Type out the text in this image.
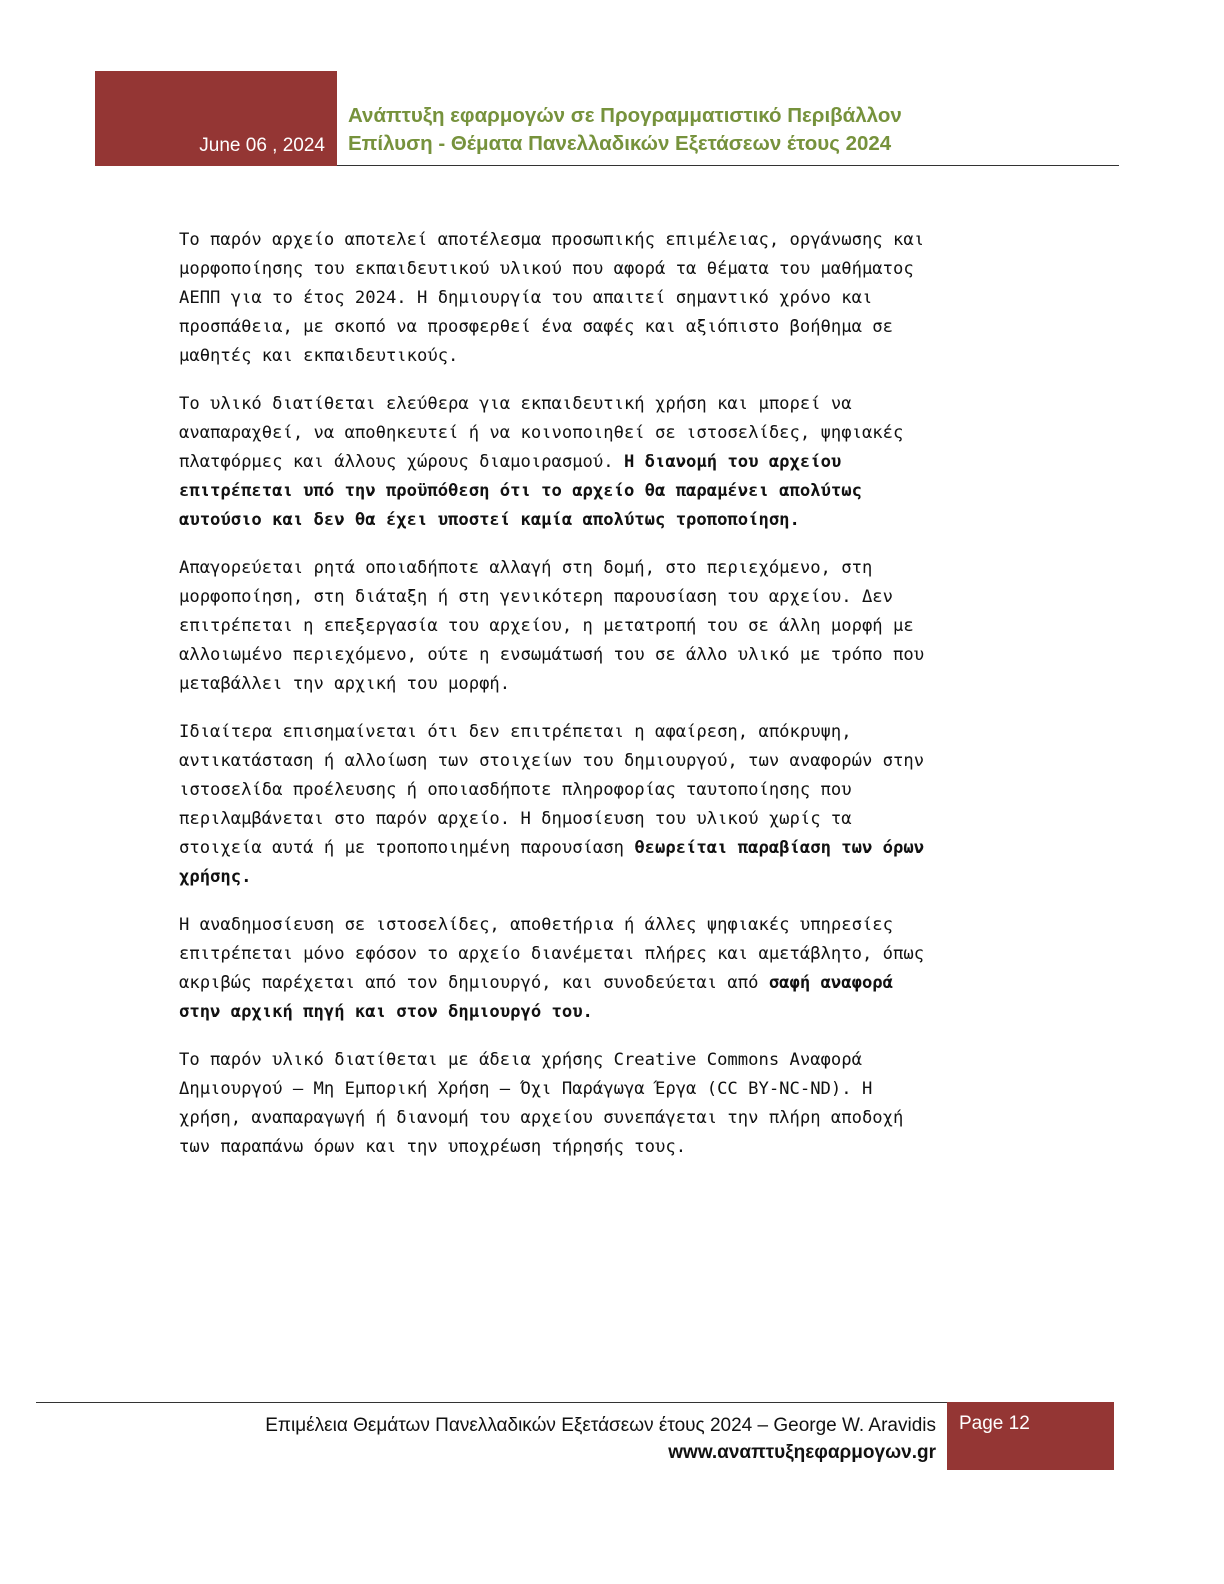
June 06 , 2024
Ανάπτυξη εφαρμογών σε Προγραμματιστικό Περιβάλλον
Επίλυση - Θέματα Πανελλαδικών Εξετάσεων έτους 2024

Το παρόν αρχείο αποτελεί αποτέλεσμα προσωπικής επιμέλειας, οργάνωσης και
μορφοποίησης του εκπαιδευτικού υλικού που αφορά τα θέματα του μαθήματος
ΑΕΠΠ για το έτος 2024. Η δημιουργία του απαιτεί σημαντικό χρόνο και
προσπάθεια, με σκοπό να προσφερθεί ένα σαφές και αξιόπιστο βοήθημα σε
μαθητές και εκπαιδευτικούς.

Το υλικό διατίθεται ελεύθερα για εκπαιδευτική χρήση και μπορεί να
αναπαραχθεί, να αποθηκευτεί ή να κοινοποιηθεί σε ιστοσελίδες, ψηφιακές
πλατφόρμες και άλλους χώρους διαμοιρασμού. Η διανομή του αρχείου
επιτρέπεται υπό την προϋπόθεση ότι το αρχείο θα παραμένει απολύτως
αυτούσιο και δεν θα έχει υποστεί καμία απολύτως τροποποίηση.

Απαγορεύεται ρητά οποιαδήποτε αλλαγή στη δομή, στο περιεχόμενο, στη
μορφοποίηση, στη διάταξη ή στη γενικότερη παρουσίαση του αρχείου. Δεν
επιτρέπεται η επεξεργασία του αρχείου, η μετατροπή του σε άλλη μορφή με
αλλοιωμένο περιεχόμενο, ούτε η ενσωμάτωσή του σε άλλο υλικό με τρόπο που
μεταβάλλει την αρχική του μορφή.

Ιδιαίτερα επισημαίνεται ότι δεν επιτρέπεται η αφαίρεση, απόκρυψη,
αντικατάσταση ή αλλοίωση των στοιχείων του δημιουργού, των αναφορών στην
ιστοσελίδα προέλευσης ή οποιασδήποτε πληροφορίας ταυτοποίησης που
περιλαμβάνεται στο παρόν αρχείο. Η δημοσίευση του υλικού χωρίς τα
στοιχεία αυτά ή με τροποποιημένη παρουσίαση θεωρείται παραβίαση των όρων
χρήσης.

Η αναδημοσίευση σε ιστοσελίδες, αποθετήρια ή άλλες ψηφιακές υπηρεσίες
επιτρέπεται μόνο εφόσον το αρχείο διανέμεται πλήρες και αμετάβλητο, όπως
ακριβώς παρέχεται από τον δημιουργό, και συνοδεύεται από σαφή αναφορά
στην αρχική πηγή και στον δημιουργό του.

Το παρόν υλικό διατίθεται με άδεια χρήσης Creative Commons Αναφορά
Δημιουργού – Μη Εμπορική Χρήση – Όχι Παράγωγα Έργα (CC BY-NC-ND). Η
χρήση, αναπαραγωγή ή διανομή του αρχείου συνεπάγεται την πλήρη αποδοχή
των παραπάνω όρων και την υποχρέωση τήρησής τους.

Επιμέλεια Θεμάτων Πανελλαδικών Εξετάσεων έτους 2024 – George W. Aravidis
www.αναπτυξηεφαρμογων.gr
Page 12
